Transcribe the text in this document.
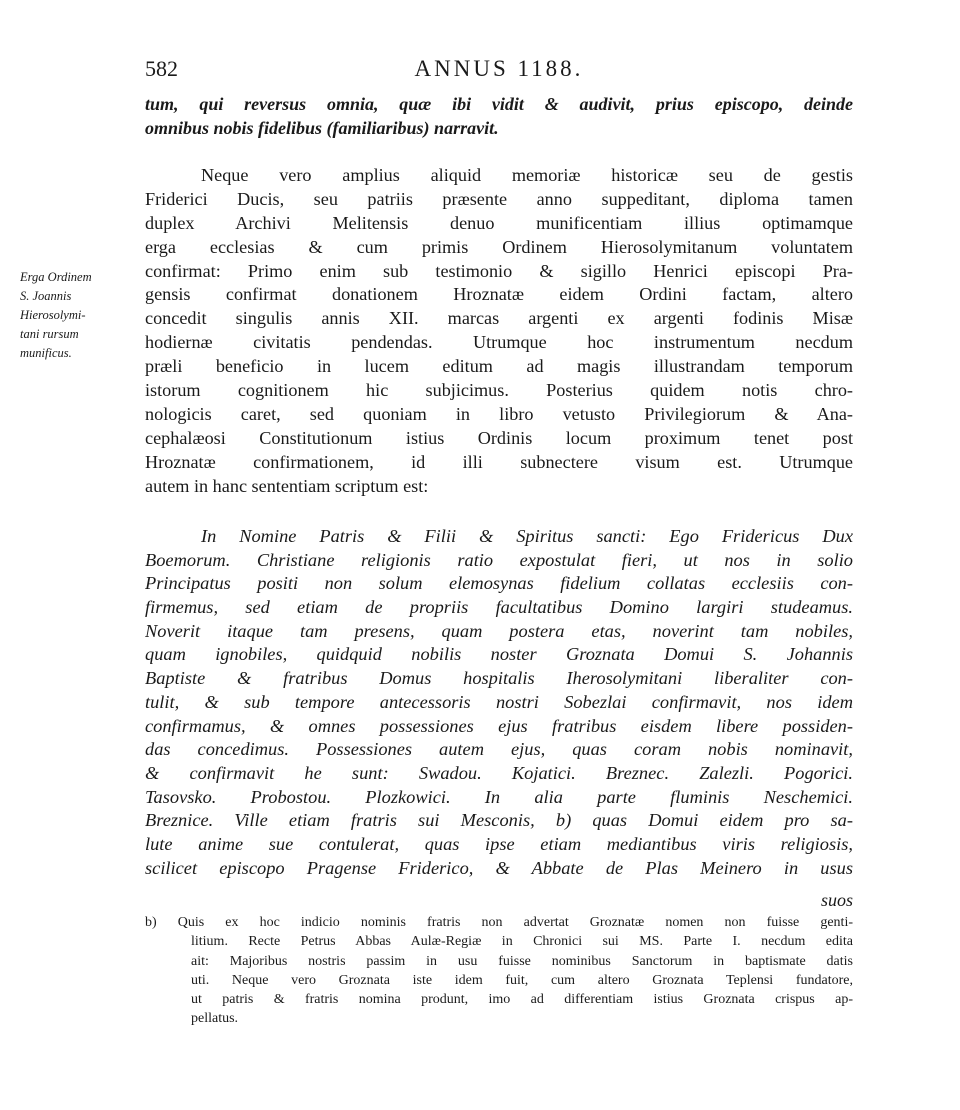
582	ANNUS 1188.
tum, qui reversus omnia, quæ ibi vidit & audivit, prius episcopo, deinde
omnibus nobis fidelibus (familiaribus) narravit.
Neque vero amplius aliquid memoriæ historicæ seu de gestis
Friderici Ducis, seu patriis præsente anno suppeditant, diploma tamen
duplex Archivi Melitensis denuo munificentiam illius optimamque
erga ecclesias & cum primis Ordinem Hierosolymitanum voluntatem
confirmat: Primo enim sub testimonio & sigillo Henrici episcopi Pra-
gensis confirmat donationem Hroznatæ eidem Ordini factam, altero
concedit singulis annis XII. marcas argenti ex argenti fodinis Misæ
hodiernæ civitatis pendendas. Utrumque hoc instrumentum necdum
præli beneficio in lucem editum ad magis illustrandam temporum
istorum cognitionem hic subjicimus. Posterius quidem notis chro-
nologicis caret, sed quoniam in libro vetusto Privilegiorum & Ana-
cephalæosi Constitutionum istius Ordinis locum proximum tenet post
Hroznatæ confirmationem, id illi subnectere visum est. Utrumque
autem in hanc sententiam scriptum est:
Erga Ordinem
S. Joannis
Hierosolymi-
tani rursum
munificus.
In Nomine Patris & Filii & Spiritus sancti: Ego Fridericus Dux
Boemorum. Christiane religionis ratio expostulat fieri, ut nos in solio
Principatus positi non solum elemosynas fidelium collatas ecclesiis con-
firmemus, sed etiam de propriis facultatibus Domino largiri studeamus.
Noverit itaque tam presens, quam postera etas, noverint tam nobiles,
quam ignobiles, quidquid nobilis noster Groznata Domui S. Johannis
Baptiste & fratribus Domus hospitalis Iherosolymitani liberaliter con-
tulit, & sub tempore antecessoris nostri Sobezlai confirmavit, nos idem
confirmamus, & omnes possessiones ejus fratribus eisdem libere possiden-
das concedimus. Possessiones autem ejus, quas coram nobis nominavit,
& confirmavit he sunt: Swadou. Kojatici. Breznec. Zalezli. Pogorici.
Tasovsko. Probostou. Plozkowici. In alia parte fluminis Neschemici.
Breznice. Ville etiam fratris sui Mesconis, b) quas Domui eidem pro sa-
lute anime sue contulerat, quas ipse etiam mediantibus viris religiosis,
scilicet episcopo Pragense Friderico, & Abbate de Plas Meinero in usus
suos
b) Quis ex hoc indicio nominis fratris non advertat Groznatæ nomen non fuisse genti-
litium. Recte Petrus Abbas Aulæ-Regiæ in Chronici sui MS. Parte I. necdum edita
ait: Majoribus nostris passim in usu fuisse nominibus Sanctorum in baptismate datis
uti. Neque vero Groznata iste idem fuit, cum altero Groznata Teplensi fundatore,
ut patris & fratris nomina produnt, imo ad differentiam istius Groznata crispus ap-
pellatus.
